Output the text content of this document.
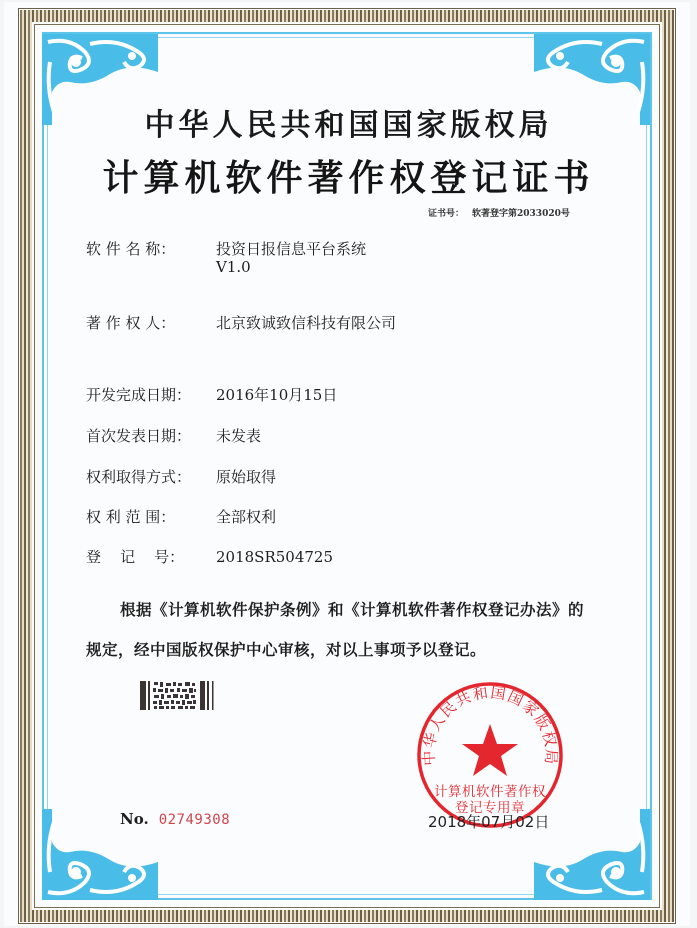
中华人民共和国国家版权局
计算机软件著作权登记证书
证书号： 软著登字第2033020号
软 件 名 称：	投资日报信息平台系统
V1.0
著 作 权 人：	北京致诚致信科技有限公司
开发完成日期： 2016年10月15日
首次发表日期： 未发表
权利取得方式： 原始取得
权 利 范 围：	全部权利
登    记    号： 2018SR504725
根据《计算机软件保护条例》和《计算机软件著作权登记办法》的
规定，经中国版权保护中心审核，对以上事项予以登记。
No. 02749308
中华人民共和国国家版权局
计算机软件著作权
登记专用章
2018年07月02日
